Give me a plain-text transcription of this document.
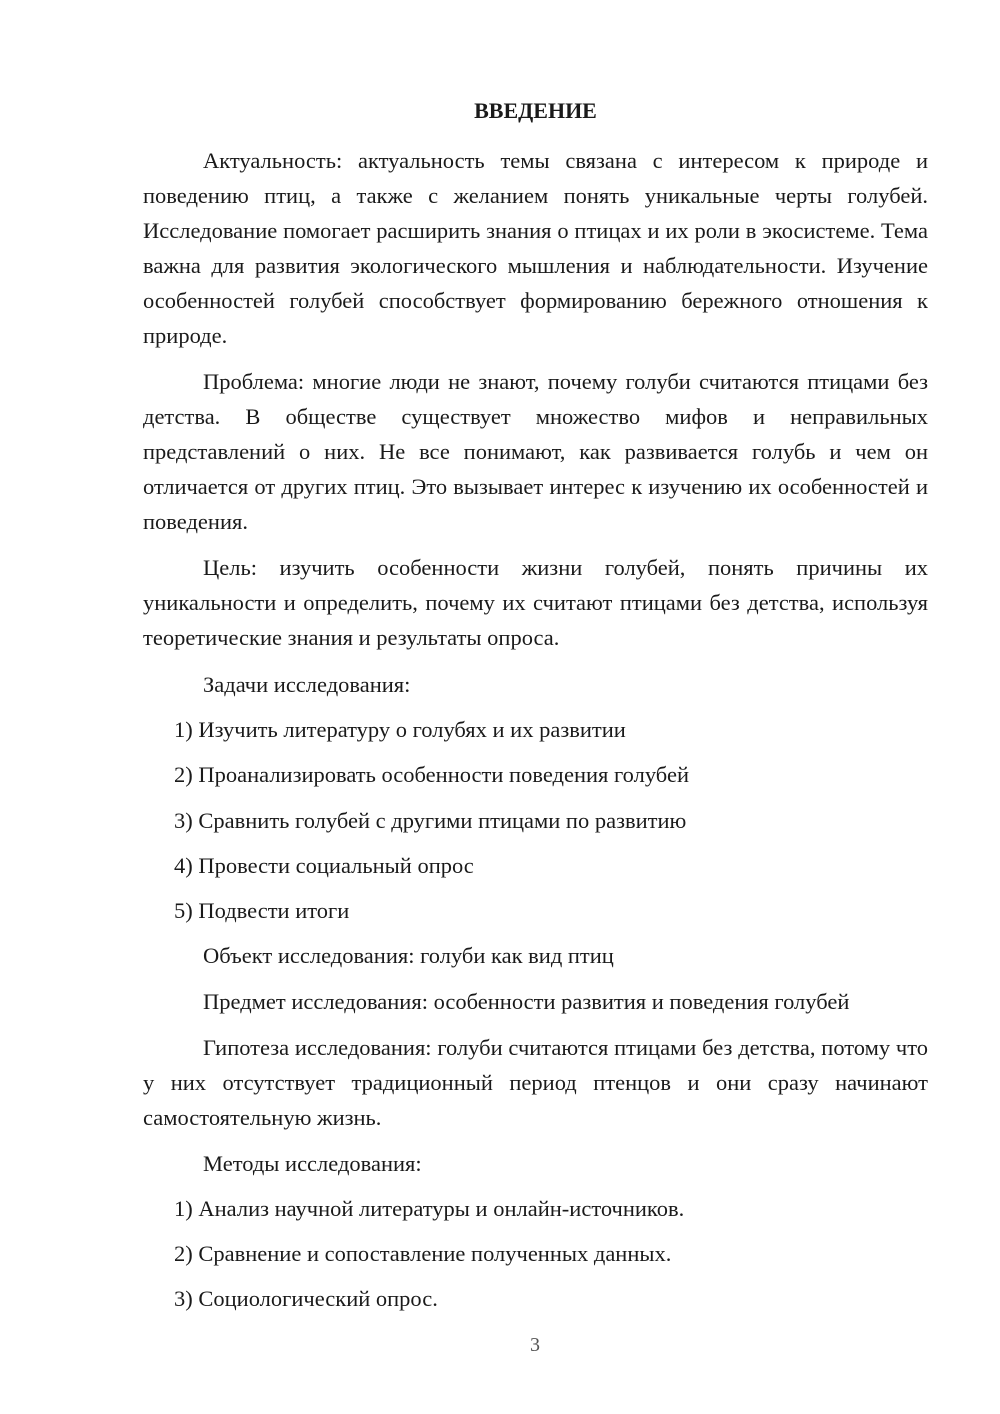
ВВЕДЕНИЕ

Актуальность: актуальность темы связана с интересом к природе и поведению птиц, а также с желанием понять уникальные черты голубей. Исследование помогает расширить знания о птицах и их роли в экосистеме. Тема важна для развития экологического мышления и наблюдательности. Изучение особенностей голубей способствует формированию бережного отношения к природе.

Проблема: многие люди не знают, почему голуби считаются птицами без детства. В обществе существует множество мифов и неправильных представлений о них. Не все понимают, как развивается голубь и чем он отличается от других птиц. Это вызывает интерес к изучению их особенностей и поведения.

Цель: изучить особенности жизни голубей, понять причины их уникальности и определить, почему их считают птицами без детства, используя теоретические знания и результаты опроса.

Задачи исследования:

1) Изучить литературу о голубях и их развитии

2) Проанализировать особенности поведения голубей

3) Сравнить голубей с другими птицами по развитию

4) Провести социальный опрос

5) Подвести итоги

Объект исследования: голуби как вид птиц

Предмет исследования: особенности развития и поведения голубей

Гипотеза исследования: голуби считаются птицами без детства, потому что у них отсутствует традиционный период птенцов и они сразу начинают самостоятельную жизнь.

Методы исследования:

1) Анализ научной литературы и онлайн-источников.

2) Сравнение и сопоставление полученных данных.

3) Социологический опрос.

3
